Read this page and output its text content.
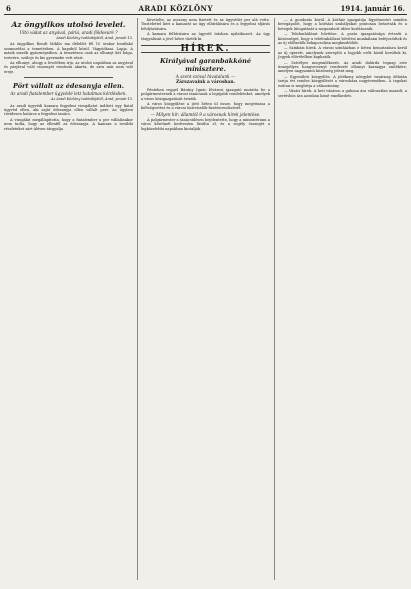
6	ARADI KÖZLÖNY	1914. január 16.
Az öngyilkos utolsó levelei.
Ultó vádat az anyával, páriá, aradi földesuré ?
Aradi Közlöny tudósítójától, Arad, január 15.

Az öngyilkos Rendt Miklós ma délelőtt fél 10 órakor bentlakó szomszédai a temetésben. A kapuból körül. Vágyódásai. Lapja. A másik mezők gyásznépeiben. A temetésen csak az elhunyt két húga, testvére, szüleje és kis gyermeke vett részt.

Az elhunyt, ahogy a levelében írja, az utolsó napokban az anyjával és párjával való viszonyát rendezni akarta, de arra már nem volt ereje.

Pört vállalt az édesanyja ellen.
Az aradi fiatalember ügyvédé lett hatalmas kérdésben.
Az Aradi Közlöny tudósítójától, Arad, január 15.

Az aradi ügyvédi kamara fegyelmi vizsgálatot indított egy fiatal ügyvéd ellen, aki saját édesanyja ellen vállalt pert. Az ügyben rövidesen határoz a fegyelmi tanács.

A vizsgálat megállapította, hogy a fiatalember a per vállalásakor nem tudta, hogy az ellenfél az édesanyja. A kamara a további részleteket zárt ülésen tárgyalja.

követelte, az asszony nem fizetett és az ügyvédet per alá vette. Tisztelettel kéri a kamarát az ügy elbírálására és a fegyelmi eljárás lefolytatására.

A kamara felhívására az ügyvéd írásban nyilatkozott. Az ügy tárgyalását a jövő hétre tűzték ki.

HÍREK.
Királyával garanbakkóné mínisztere.
A szent szóval hivatalunk —
Zárszavaink a városban.

Pénteken reggel Bárány Ignác fővárosi igazgató mutatta be a polgármesternek a városi tanácsnak a legújabb rendeleteket, amelyek a város közigazgatását érintik.

A város közgyűlése a jövő héten ül össze, hogy megvitassa a költségvetést és a városi tisztviselők fizetésrendezését.

— Milyen hír: államtól 9 a városnak hírek jelentése.

A polgármester a tanácsülésen bejelentette, hogy a minisztérium a város kérelmét kedvezően bírálta el, és a segély összegét a legközelebbi napokban kiutalják.

— A gondozás körül. A kórház igazgatója figyelmeztet minden betegápolót, hogy a kórházi szabályokat pontosan betartsák és a betegek látogatását a megszabott időre korlátozzák.

— Telefonhálózat bővítése. A posta igazgatósága értesíti a közönséget, hogy a telefonhálózat bővítési munkálatai befejeződtek és az új előfizetők bekapcsolása megkezdődött.

— Színházi hírek. A városi színházban e héten bemutatásra kerül az új operett, amelynek szereplői a legjobb erők közül kerültek ki. Jegyek elővételben kaphatók.

— Szívélyes megemlékezés. Az aradi dalárda tegnap este ünnepélyes hangversenyt rendezett elhunyt karnagya emlékére, amelyen nagyszámú közönség jelent meg.

— Egyesületi közgyűlés. A jótékony nőegylet vasárnap délután tartja évi rendes közgyűlését a városháza nagytermében. A tagokat ezúton is meghívja a választmány.

— Vásári hírek. A heti vásáron a gabona ára változatlan maradt, a sertéshús ára azonban kissé emelkedett.
